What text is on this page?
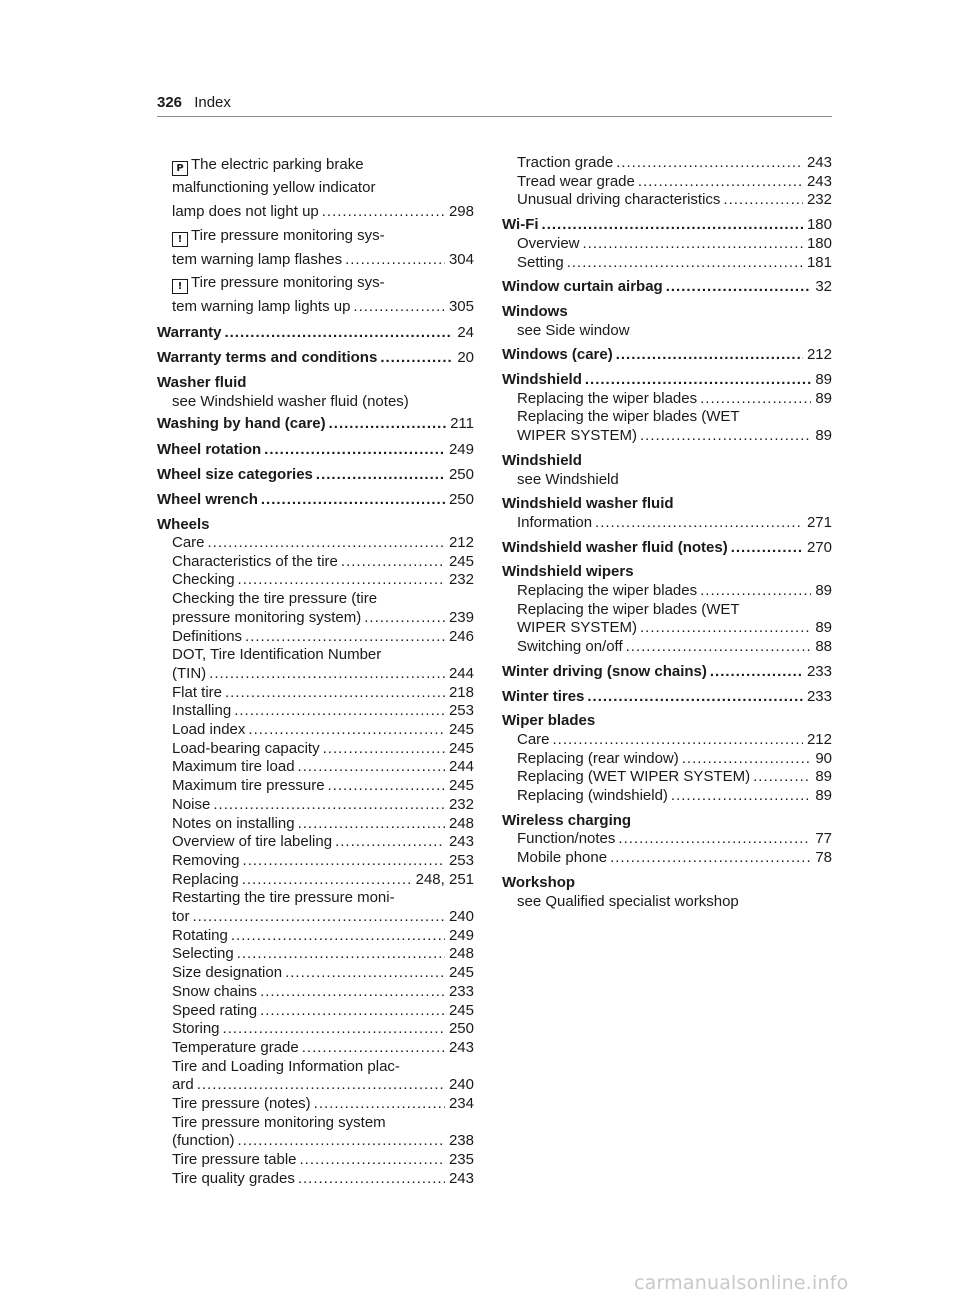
326 Index
P The electric parking brake
malfunctioning yellow indicator
lamp does not light up .....	298
! Tire pressure monitoring sys-
tem warning lamp flashes .....	304
! Tire pressure monitoring sys-
tem warning lamp lights up .....	305
Warranty .....	24
Warranty terms and conditions .....	20
Washer fluid
see Windshield washer fluid (notes)
Washing by hand (care) .....	211
Wheel rotation .....	249
Wheel size categories .....	250
Wheel wrench .....	250
Wheels
Care .....	212
Characteristics of the tire .....	245
Checking .....	232
Checking the tire pressure (tire
pressure monitoring system) .....	239
Definitions .....	246
DOT, Tire Identification Number
(TIN) .....	244
Flat tire .....	218
Installing .....	253
Load index .....	245
Load-bearing capacity .....	245
Maximum tire load .....	244
Maximum tire pressure .....	245
Noise .....	232
Notes on installing .....	248
Overview of tire labeling .....	243
Removing .....	253
Replacing .....	248, 251
Restarting the tire pressure moni-
tor .....	240
Rotating .....	249
Selecting .....	248
Size designation .....	245
Snow chains .....	233
Speed rating .....	245
Storing .....	250
Temperature grade .....	243
Tire and Loading Information plac-
ard .....	240
Tire pressure (notes) .....	234
Tire pressure monitoring system
(function) .....	238
Tire pressure table .....	235
Tire quality grades .....	243
Traction grade .....	243
Tread wear grade .....	243
Unusual driving characteristics .....	232
Wi-Fi .....	180
Overview .....	180
Setting .....	181
Window curtain airbag .....	32
Windows
see Side window
Windows (care) .....	212
Windshield .....	89
Replacing the wiper blades .....	89
Replacing the wiper blades (WET
WIPER SYSTEM) .....	89
Windshield
see Windshield
Windshield washer fluid
Information .....	271
Windshield washer fluid (notes) .....	270
Windshield wipers
Replacing the wiper blades .....	89
Replacing the wiper blades (WET
WIPER SYSTEM) .....	89
Switching on/off .....	88
Winter driving (snow chains) .....	233
Winter tires .....	233
Wiper blades
Care .....	212
Replacing (rear window) .....	90
Replacing (WET WIPER SYSTEM) .....	89
Replacing (windshield) .....	89
Wireless charging
Function/notes .....	77
Mobile phone .....	78
Workshop
see Qualified specialist workshop
carmanualsonline.info
